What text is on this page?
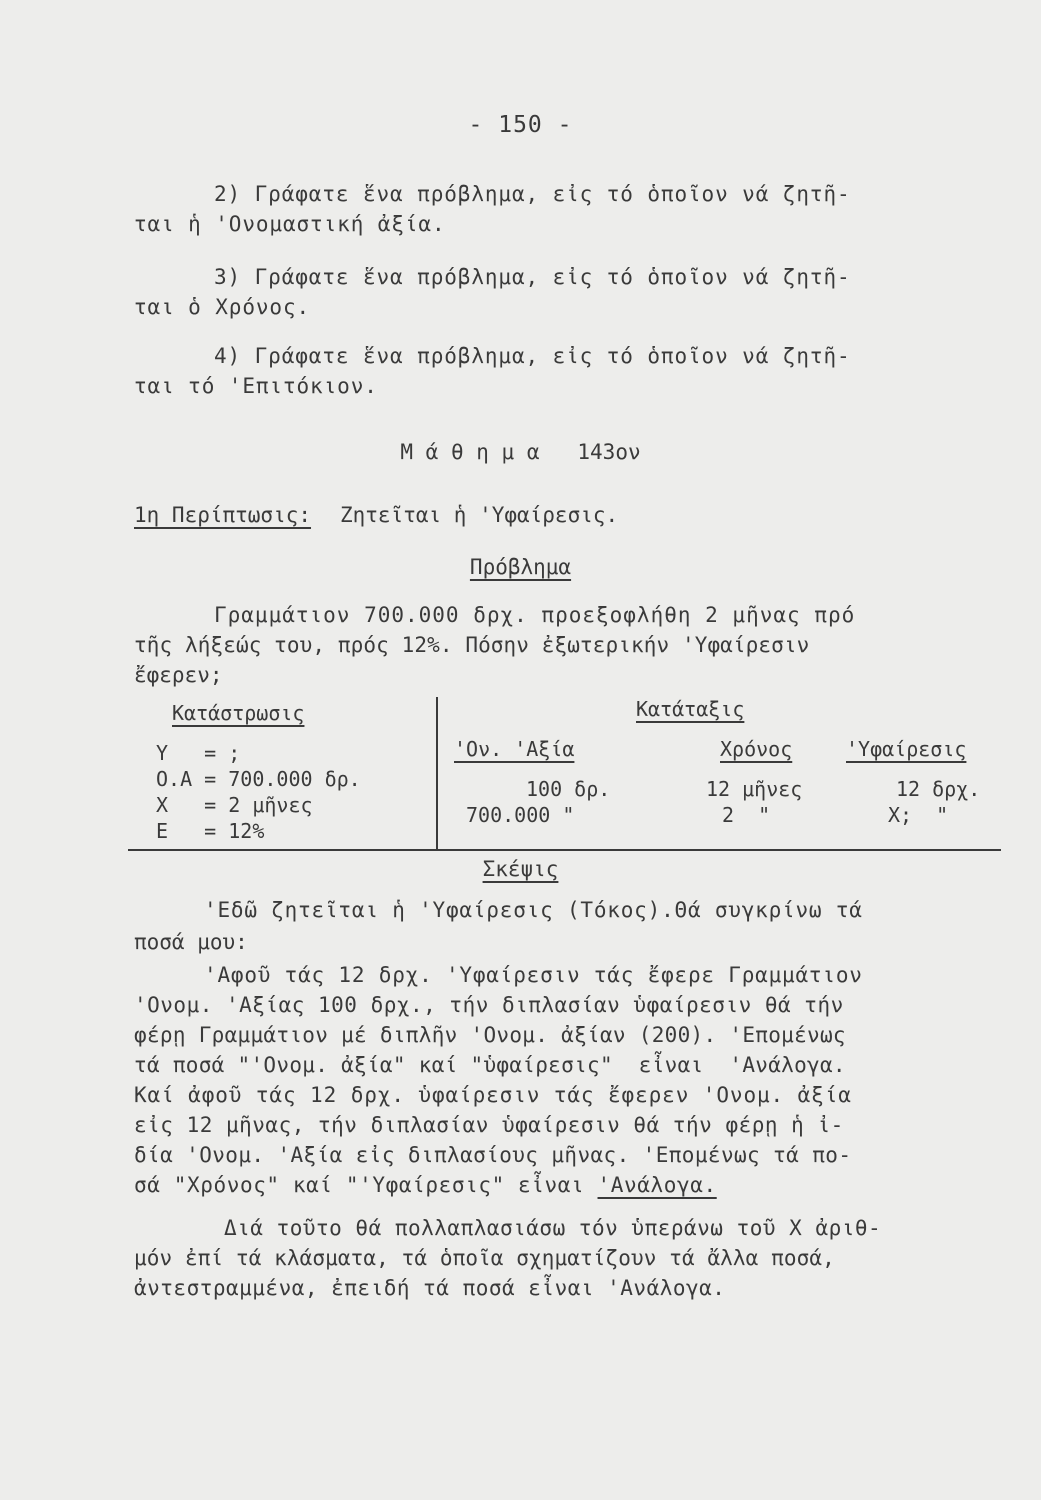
- 150 -
2) Γράφατε ἕνα πρόβλημα, εἰς τό ὁποῖον νά ζητῆ-
ται ἡ 'Ονομαστική ἀξία.
3) Γράφατε ἕνα πρόβλημα, εἰς τό ὁποῖον νά ζητῆ-
ται ὁ Χρόνος.
4) Γράφατε ἕνα πρόβλημα, εἰς τό ὁποῖον νά ζητῆ-
ται τό 'Επιτόκιον.
Μ ά θ η μ α   143ον
1η Περίπτωσις: Ζητεῖται ἡ 'Υφαίρεσις.
Πρόβλημα
Γραμμάτιον 700.000 δρχ. προεξοφλήθη 2 μῆνας πρό
τῆς λήξεώς του, πρός 12%. Πόσην ἐξωτερικήν 'Υφαίρεσιν
ἔφερεν;
Κατάστρωσις
Y   = ;
O.A = 700.000 δρ.
X   = 2 μῆνες
E   = 12%
Κατάταξις
'Ον. 'Αξία	Χρόνος	'Υφαίρεσις
100 δρ.	12 μῆνες	12 δρχ.
700.000 "	2  "	X;  "
Σκέψις
'Εδῶ ζητεῖται ἡ 'Υφαίρεσις (Τόκος).Θά συγκρίνω τά
ποσά μου:
'Αφοῦ τάς 12 δρχ. 'Υφαίρεσιν τάς ἔφερε Γραμμάτιον
'Ονομ. 'Αξίας 100 δρχ., τήν διπλασίαν ὑφαίρεσιν θά τήν
φέρῃ Γραμμάτιον μέ διπλῆν 'Ονομ. ἀξίαν (200). 'Επομένως
τά ποσά "'Ονομ. ἀξία" καί "ὑφαίρεσις"  εἶναι  'Ανάλογα.
Καί ἀφοῦ τάς 12 δρχ. ὑφαίρεσιν τάς ἔφερεν 'Ονομ. ἀξία
εἰς 12 μῆνας, τήν διπλασίαν ὑφαίρεσιν θά τήν φέρῃ ἡ ἰ-
δία 'Ονομ. 'Αξία εἰς διπλασίους μῆνας. 'Επομένως τά πο-
σά "Χρόνος" καί "'Υφαίρεσις" εἶναι 'Ανάλογα.
Διά τοῦτο θά πολλαπλασιάσω τόν ὑπεράνω τοῦ Χ ἀριθ-
μόν ἐπί τά κλάσματα, τά ὁποῖα σχηματίζουν τά ἄλλα ποσά,
ἀντεστραμμένα, ἐπειδή τά ποσά εἶναι 'Ανάλογα.
